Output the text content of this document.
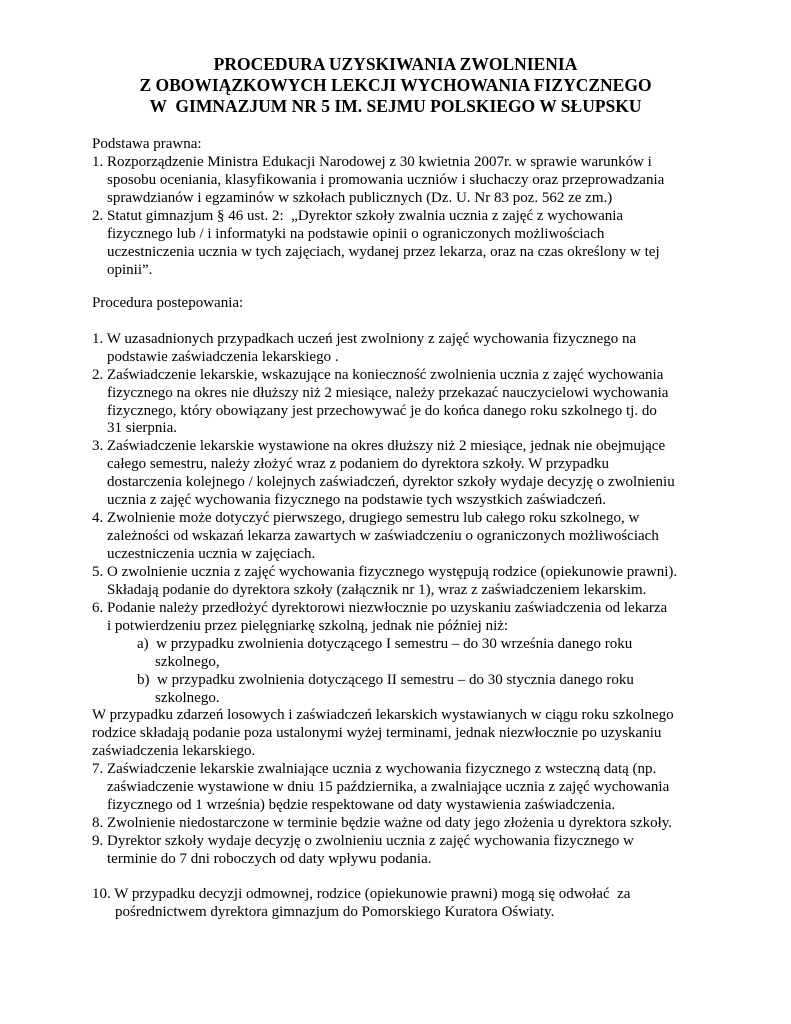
PROCEDURA UZYSKIWANIA ZWOLNIENIA
Z OBOWIĄZKOWYCH LEKCJI WYCHOWANIA FIZYCZNEGO
W  GIMNAZJUM NR 5 IM. SEJMU POLSKIEGO W SŁUPSKU
Podstawa prawna:
1. Rozporządzenie Ministra Edukacji Narodowej z 30 kwietnia 2007r. w sprawie warunków i
sposobu oceniania, klasyfikowania i promowania uczniów i słuchaczy oraz przeprowadzania
sprawdzianów i egzaminów w szkołach publicznych (Dz. U. Nr 83 poz. 562 ze zm.)
2. Statut gimnazjum § 46 ust. 2:  „Dyrektor szkoły zwalnia ucznia z zajęć z wychowania
fizycznego lub / i informatyki na podstawie opinii o ograniczonych możliwościach
uczestniczenia ucznia w tych zajęciach, wydanej przez lekarza, oraz na czas określony w tej
opinii”.
Procedura postepowania:
1. W uzasadnionych przypadkach uczeń jest zwolniony z zajęć wychowania fizycznego na
podstawie zaświadczenia lekarskiego .
2. Zaświadczenie lekarskie, wskazujące na konieczność zwolnienia ucznia z zajęć wychowania
fizycznego na okres nie dłuższy niż 2 miesiące, należy przekazać nauczycielowi wychowania
fizycznego, który obowiązany jest przechowywać je do końca danego roku szkolnego tj. do
31 sierpnia.
3. Zaświadczenie lekarskie wystawione na okres dłuższy niż 2 miesiące, jednak nie obejmujące
całego semestru, należy złożyć wraz z podaniem do dyrektora szkoły. W przypadku
dostarczenia kolejnego / kolejnych zaświadczeń, dyrektor szkoły wydaje decyzję o zwolnieniu
ucznia z zajęć wychowania fizycznego na podstawie tych wszystkich zaświadczeń.
4. Zwolnienie może dotyczyć pierwszego, drugiego semestru lub całego roku szkolnego, w
zależności od wskazań lekarza zawartych w zaświadczeniu o ograniczonych możliwościach
uczestniczenia ucznia w zajęciach.
5. O zwolnienie ucznia z zajęć wychowania fizycznego występują rodzice (opiekunowie prawni).
Składają podanie do dyrektora szkoły (załącznik nr 1), wraz z zaświadczeniem lekarskim.
6. Podanie należy przedłożyć dyrektorowi niezwłocznie po uzyskaniu zaświadczenia od lekarza
i potwierdzeniu przez pielęgniarkę szkolną, jednak nie później niż:
a)  w przypadku zwolnienia dotyczącego I semestru – do 30 września danego roku
szkolnego,
b)  w przypadku zwolnienia dotyczącego II semestru – do 30 stycznia danego roku
szkolnego.
W przypadku zdarzeń losowych i zaświadczeń lekarskich wystawianych w ciągu roku szkolnego
rodzice składają podanie poza ustalonymi wyżej terminami, jednak niezwłocznie po uzyskaniu
zaświadczenia lekarskiego.
7. Zaświadczenie lekarskie zwalniające ucznia z wychowania fizycznego z wsteczną datą (np.
zaświadczenie wystawione w dniu 15 października, a zwalniające ucznia z zajęć wychowania
fizycznego od 1 września) będzie respektowane od daty wystawienia zaświadczenia.
8. Zwolnienie niedostarczone w terminie będzie ważne od daty jego złożenia u dyrektora szkoły.
9. Dyrektor szkoły wydaje decyzję o zwolnieniu ucznia z zajęć wychowania fizycznego w
terminie do 7 dni roboczych od daty wpływu podania.
10. W przypadku decyzji odmownej, rodzice (opiekunowie prawni) mogą się odwołać  za
pośrednictwem dyrektora gimnazjum do Pomorskiego Kuratora Oświaty.
